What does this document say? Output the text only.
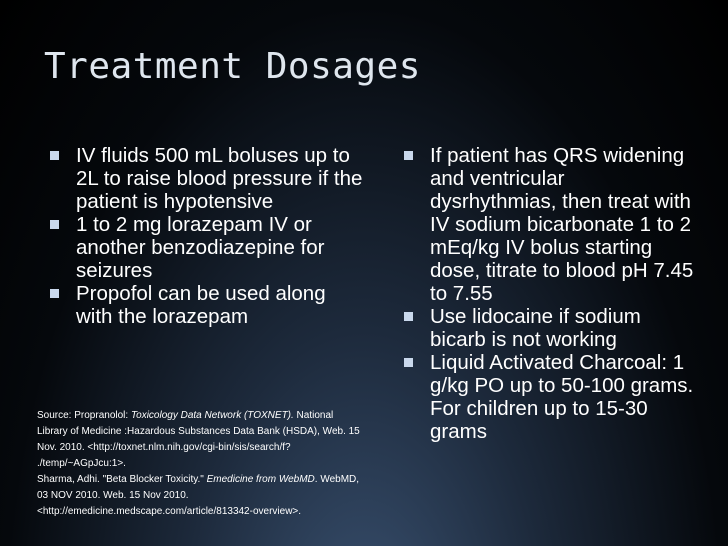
Treatment Dosages
IV fluids 500 mL boluses up to 2L to raise blood pressure if the patient is hypotensive
1 to 2 mg lorazepam IV or another benzodiazepine for seizures
Propofol can be used along with the lorazepam
If patient has QRS widening and ventricular dysrhythmias, then treat with IV sodium bicarbonate 1 to 2 mEq/kg IV bolus starting dose, titrate to blood pH 7.45 to 7.55
Use lidocaine if sodium bicarb is not working
Liquid Activated Charcoal: 1 g/kg PO up to 50-100 grams. For children up to 15-30 grams

Source: Propranolol: Toxicology Data Network (TOXNET). National Library of Medicine :Hazardous Substances Data Bank (HSDA), Web. 15 Nov. 2010. <http://toxnet.nlm.nih.gov/cgi-bin/sis/search/f? ./temp/~AGpJcu:1>.

Sharma, Adhi. "Beta Blocker Toxicity." Emedicine from WebMD. WebMD, 03 NOV 2010. Web. 15 Nov 2010. <http://emedicine.medscape.com/article/813342-overview>.
